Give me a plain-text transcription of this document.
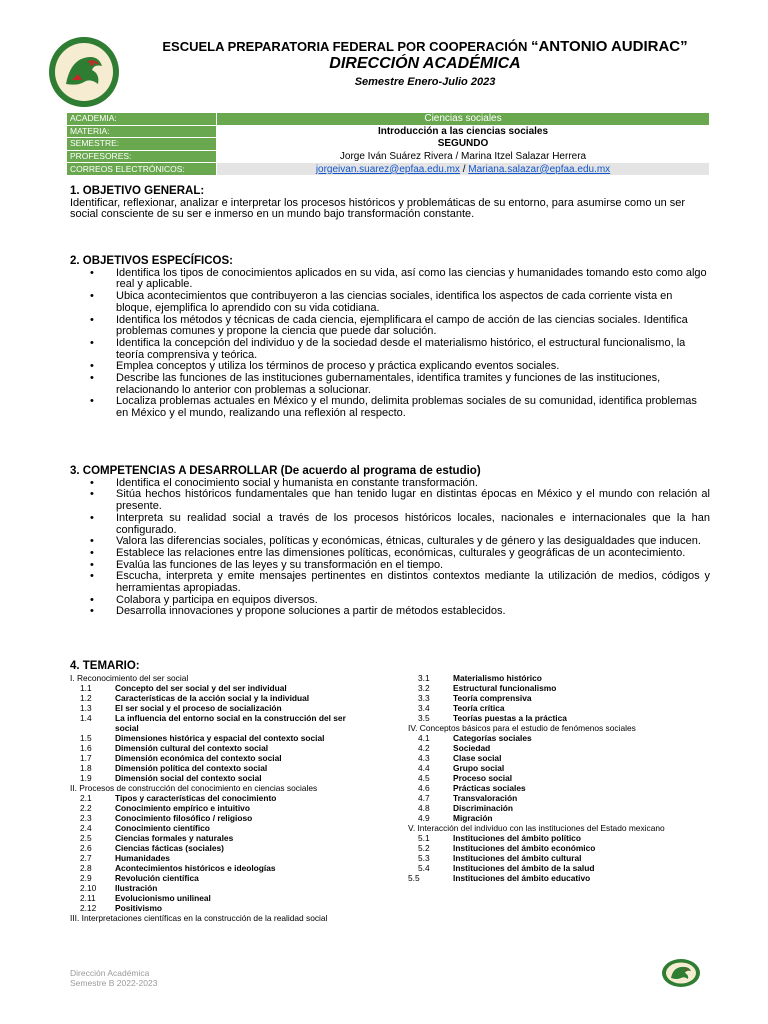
ESCUELA PREPARATORIA FEDERAL POR COOPERACIÓN “ANTONIO AUDIRAC”
DIRECCIÓN ACADÉMICA
Semestre Enero-Julio 2023
ACADEMIA:	Ciencias sociales
MATERIA:	Introducción a las ciencias sociales
SEMESTRE:	SEGUNDO
PROFESORES:	Jorge Iván Suárez Rivera / Marina Itzel Salazar Herrera
CORREOS ELECTRÓNICOS:	jorgeivan.suarez@epfaa.edu.mx / Mariana.salazar@epfaa.edu.mx
1. OBJETIVO GENERAL:

Identificar, reflexionar, analizar e interpretar los procesos históricos y problemáticas de su entorno, para asumirse como un ser social consciente de su ser e inmerso en un mundo bajo transformación constante.

2. OBJETIVOS ESPECÍFICOS:
• Identifica los tipos de conocimientos aplicados en su vida, así como las ciencias y humanidades tomando esto como algo real y aplicable.
• Ubica acontecimientos que contribuyeron a las ciencias sociales, identifica los aspectos de cada corriente vista en bloque, ejemplifica lo aprendido con su vida cotidiana.
• Identifica los métodos y técnicas de cada ciencia, ejemplificara el campo de acción de las ciencias sociales. Identifica problemas comunes y propone la ciencia que puede dar solución.
• Identifica la concepción del individuo y de la sociedad desde el materialismo histórico, el estructural funcionalismo, la teoría comprensiva y teórica.
• Emplea conceptos y utiliza los términos de proceso y práctica explicando eventos sociales.
• Describe las funciones de las instituciones gubernamentales, identifica tramites y funciones de las instituciones, relacionando lo anterior con problemas a solucionar.
• Localiza problemas actuales en México y el mundo, delimita problemas sociales de su comunidad, identifica problemas en México y el mundo, realizando una reflexión al respecto.
3. COMPETENCIAS A DESARROLLAR (De acuerdo al programa de estudio)
• Identifica el conocimiento social y humanista en constante transformación.
• Sitúa hechos históricos fundamentales que han tenido lugar en distintas épocas en México y el mundo con relación al presente.
• Interpreta su realidad social a través de los procesos históricos locales, nacionales e internacionales que la han configurado.
• Valora las diferencias sociales, políticas y económicas, étnicas, culturales y de género y las desigualdades que inducen.
• Establece las relaciones entre las dimensiones políticas, económicas, culturales y geográficas de un acontecimiento.
• Evalúa las funciones de las leyes y su transformación en el tiempo.
• Escucha, interpreta y emite mensajes pertinentes en distintos contextos mediante la utilización de medios, códigos y herramientas apropiadas.
• Colabora y participa en equipos diversos.
• Desarrolla innovaciones y propone soluciones a partir de métodos establecidos.
4. TEMARIO:
I. Reconocimiento del ser social
1.1	Concepto del ser social y del ser individual
1.2	Características de la acción social y la individual
1.3	El ser social y el proceso de socialización
1.4	La influencia del entorno social en la construcción del ser social
1.5	Dimensiones histórica y espacial del contexto social
1.6	Dimensión cultural del contexto social
1.7	Dimensión económica del contexto social
1.8	Dimensión política del contexto social
1.9	Dimensión social del contexto social
II. Procesos de construcción del conocimiento en ciencias sociales
2.1	Tipos y características del conocimiento
2.2	Conocimiento empírico e intuitivo
2.3	Conocimiento filosófico / religioso
2.4	Conocimiento científico
2.5	Ciencias formales y naturales
2.6	Ciencias fácticas (sociales)
2.7	Humanidades
2.8	Acontecimientos históricos e ideologías
2.9	Revolución científica
2.10	Ilustración
2.11	Evolucionismo unilineal
2.12	Positivismo
III. Interpretaciones científicas en la construcción de la realidad social
3.1	Materialismo histórico
3.2	Estructural funcionalismo
3.3	Teoría comprensiva
3.4	Teoría crítica
3.5	Teorías puestas a la práctica
IV. Conceptos básicos para el estudio de fenómenos sociales
4.1	Categorías sociales
4.2	Sociedad
4.3	Clase social
4.4	Grupo social
4.5	Proceso social
4.6	Prácticas sociales
4.7	Transvaloración
4.8	Discriminación
4.9	Migración
V. Interacción del individuo con las instituciones del Estado mexicano
5.1	Instituciones del ámbito político
5.2	Instituciones del ámbito económico
5.3	Instituciones del ámbito cultural
5.4	Instituciones del ámbito de la salud
5.5	Instituciones del ámbito educativo
Dirección Académica
Semestre B 2022-2023
